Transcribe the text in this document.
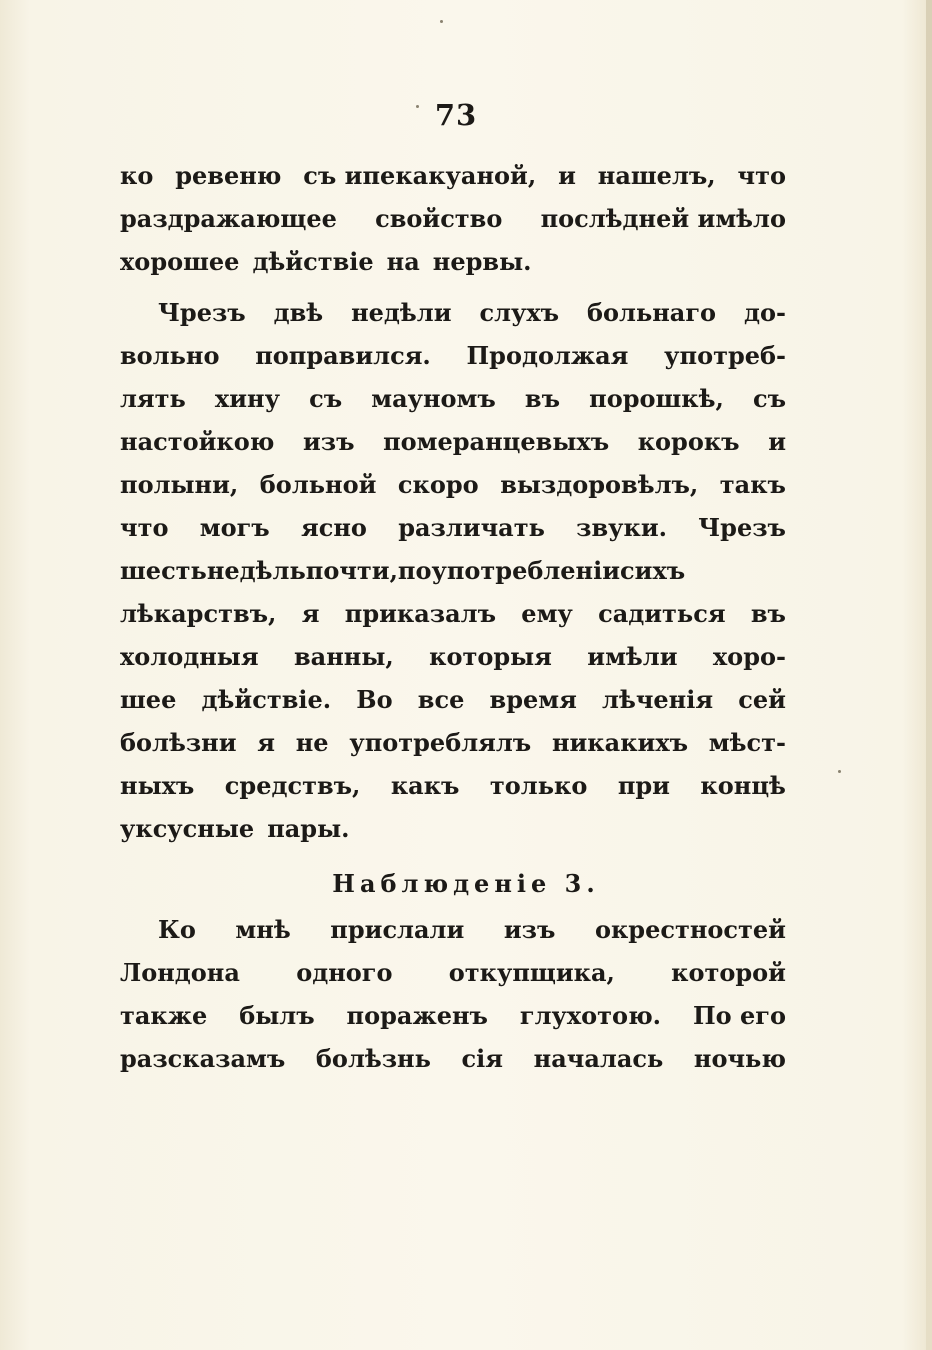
73
ко ревеню съ ипекакуаной, и нашелъ, что
раздражающее свойство послѣдней имѣло
хорошее дѣйствіе на нервы.
Чрезъ двѣ недѣли слухъ больнаго до-
вольно поправился. Продолжая употреб-
лять хину съ мауномъ въ порошкѣ, съ
настойкою изъ померанцевыхъ корокъ и
полыни, больной скоро выздоровѣлъ, такъ
что могъ ясно различать звуки. Чрезъ
шестьнедѣльпочти,поупотребленіисихъ
лѣкарствъ, я приказалъ ему садиться въ
холодныя ванны, которыя имѣли хоро-
шее дѣйствіе. Во все время лѣченія сей
болѣзни я не употреблялъ никакихъ мѣст-
ныхъ средствъ, какъ только при концѣ
уксусные пары.
Наблюденіе 3.
Ко мнѣ прислали изъ окрестностей
Лондона одного откупщика, которой
также былъ пораженъ глухотою. По его
разсказамъ болѣзнь сія началась ночью
